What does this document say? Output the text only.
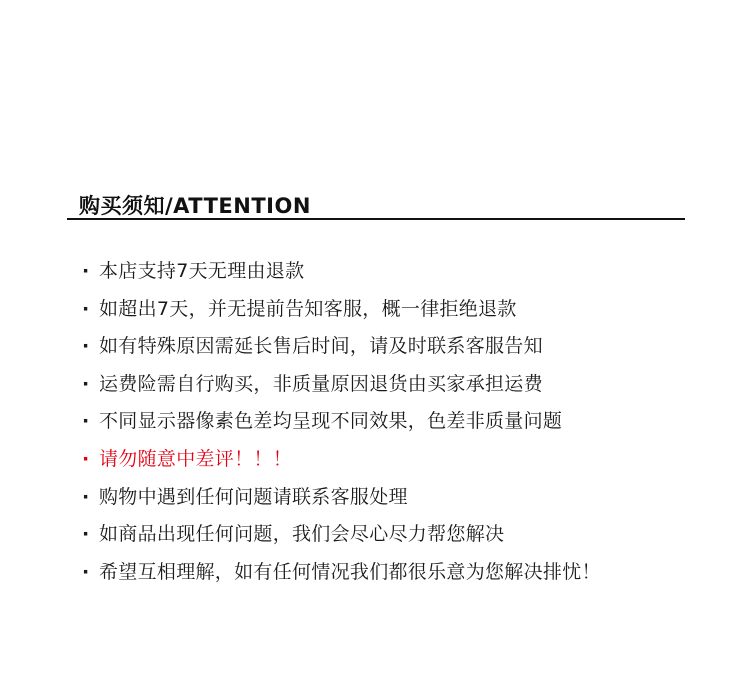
购买须知/ATTENTION
· 本店支持7天无理由退款
· 如超出7天，并无提前告知客服，概一律拒绝退款
· 如有特殊原因需延长售后时间，请及时联系客服告知
· 运费险需自行购买，非质量原因退货由买家承担运费
· 不同显示器像素色差均呈现不同效果，色差非质量问题
· 请勿随意中差评！！！
· 购物中遇到任何问题请联系客服处理
· 如商品出现任何问题，我们会尽心尽力帮您解决
· 希望互相理解，如有任何情况我们都很乐意为您解决排忧！
